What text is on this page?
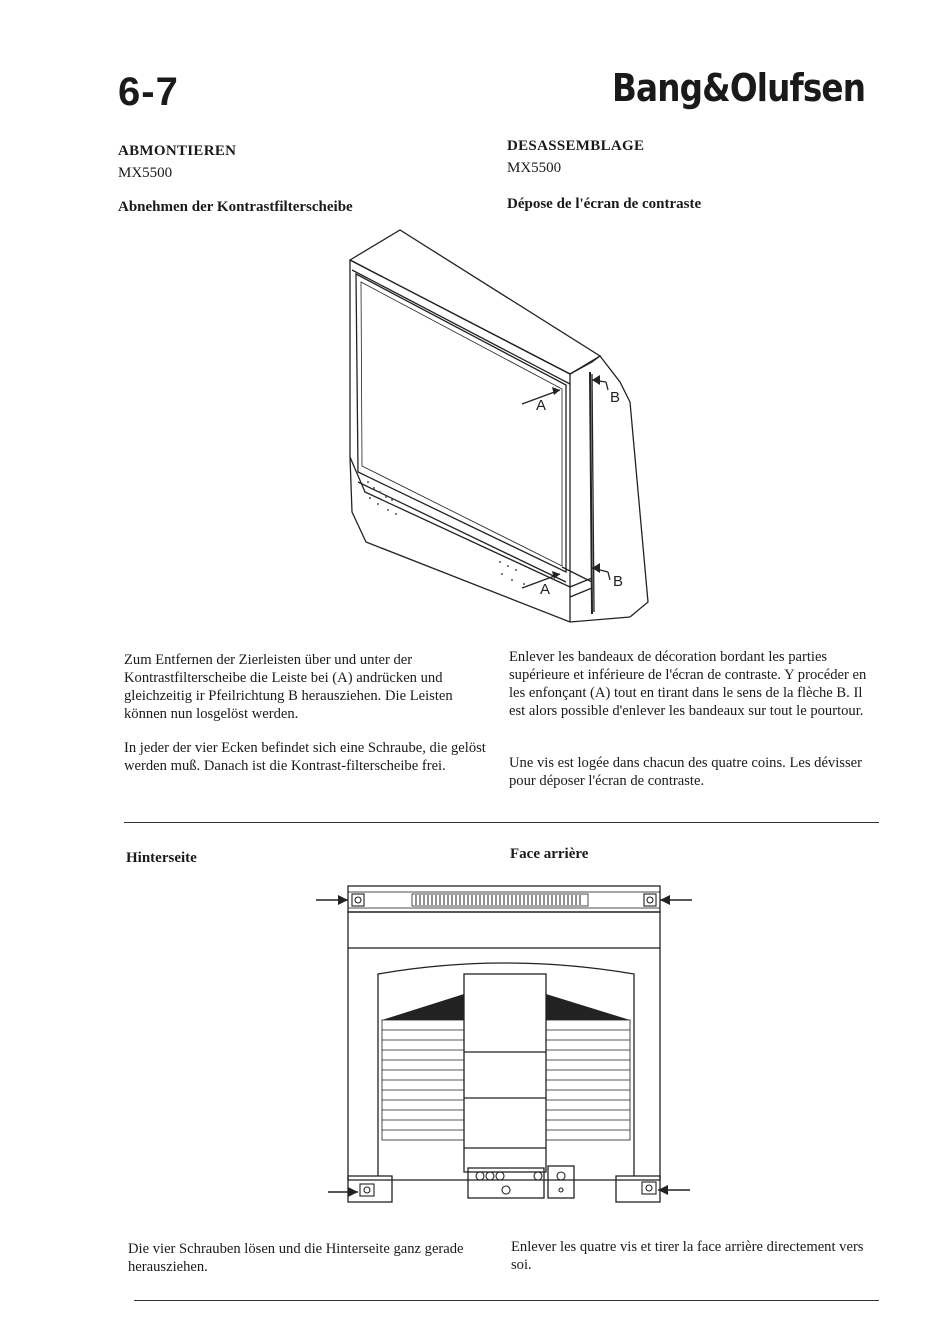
6-7	Bang&Olufsen
ABMONTIEREN
MX5500
Abnehmen der Kontrastfilterscheibe
DESASSEMBLAGE
MX5500
Dépose de l'écran de contraste
A	B
A	B
Zum Entfernen der Zierleisten über und unter der Kontrastfilterscheibe die Leiste bei (A) andrücken und gleichzeitig ir Pfeilrichtung B herausziehen. Die Leisten können nun losgelöst werden.
In jeder der vier Ecken befindet sich eine Schraube, die gelöst werden muß. Danach ist die Kontrast-filterscheibe frei.
Enlever les bandeaux de décoration bordant les parties supérieure et inférieure de l'écran de contraste. Y procéder en les enfonçant (A) tout en tirant dans le sens de la flèche B. Il est alors possible d'enlever les bandeaux sur tout le pourtour.
Une vis est logée dans chacun des quatre coins. Les dévisser pour déposer l'écran de contraste.
Hinterseite	Face arrière
Die vier Schrauben lösen und die Hinterseite ganz gerade herausziehen.
Enlever les quatre vis et tirer la face arrière directement vers soi.
